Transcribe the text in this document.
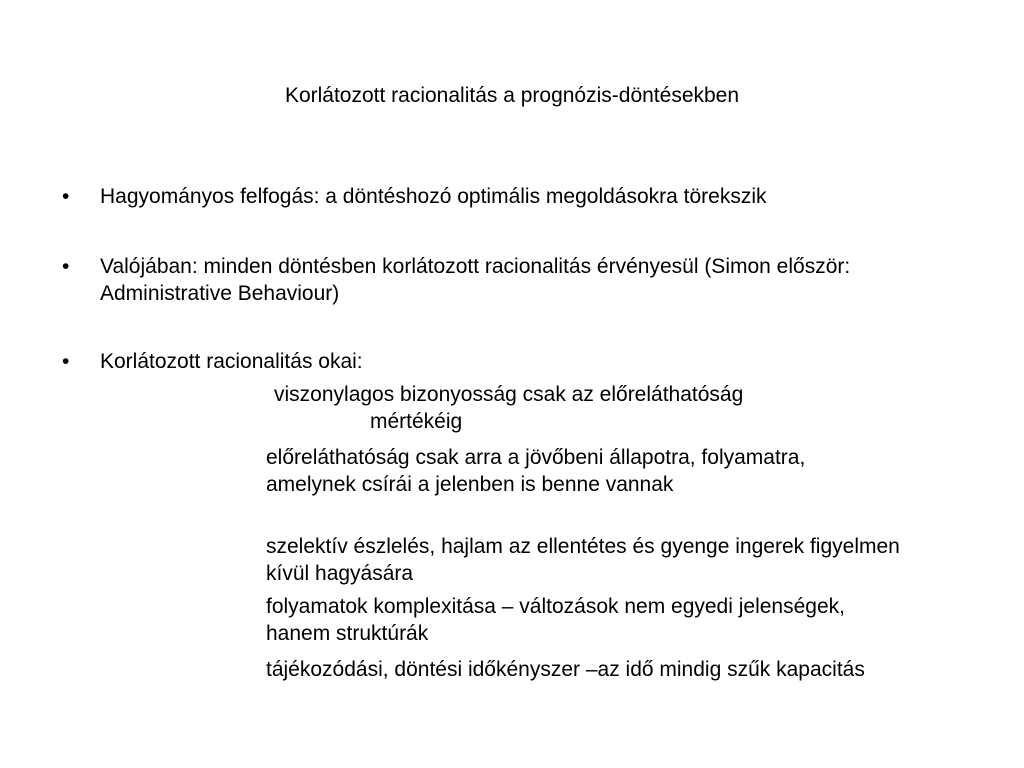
Korlátozott racionalitás a prognózis-döntésekben
•	Hagyományos felfogás: a döntéshozó optimális megoldásokra törekszik
•	Valójában: minden döntésben korlátozott racionalitás érvényesül (Simon először: Administrative Behaviour)
•	Korlátozott racionalitás okai:
viszonylagos bizonyosság csak az előreláthatóság
mértékéig
előreláthatóság csak arra a jövőbeni állapotra, folyamatra, amelynek csírái a jelenben is benne vannak
szelektív észlelés, hajlam az ellentétes és gyenge ingerek figyelmen kívül hagyására
folyamatok komplexitása – változások nem egyedi jelenségek, hanem struktúrák
tájékozódási, döntési időkényszer –az idő mindig szűk kapacitás
